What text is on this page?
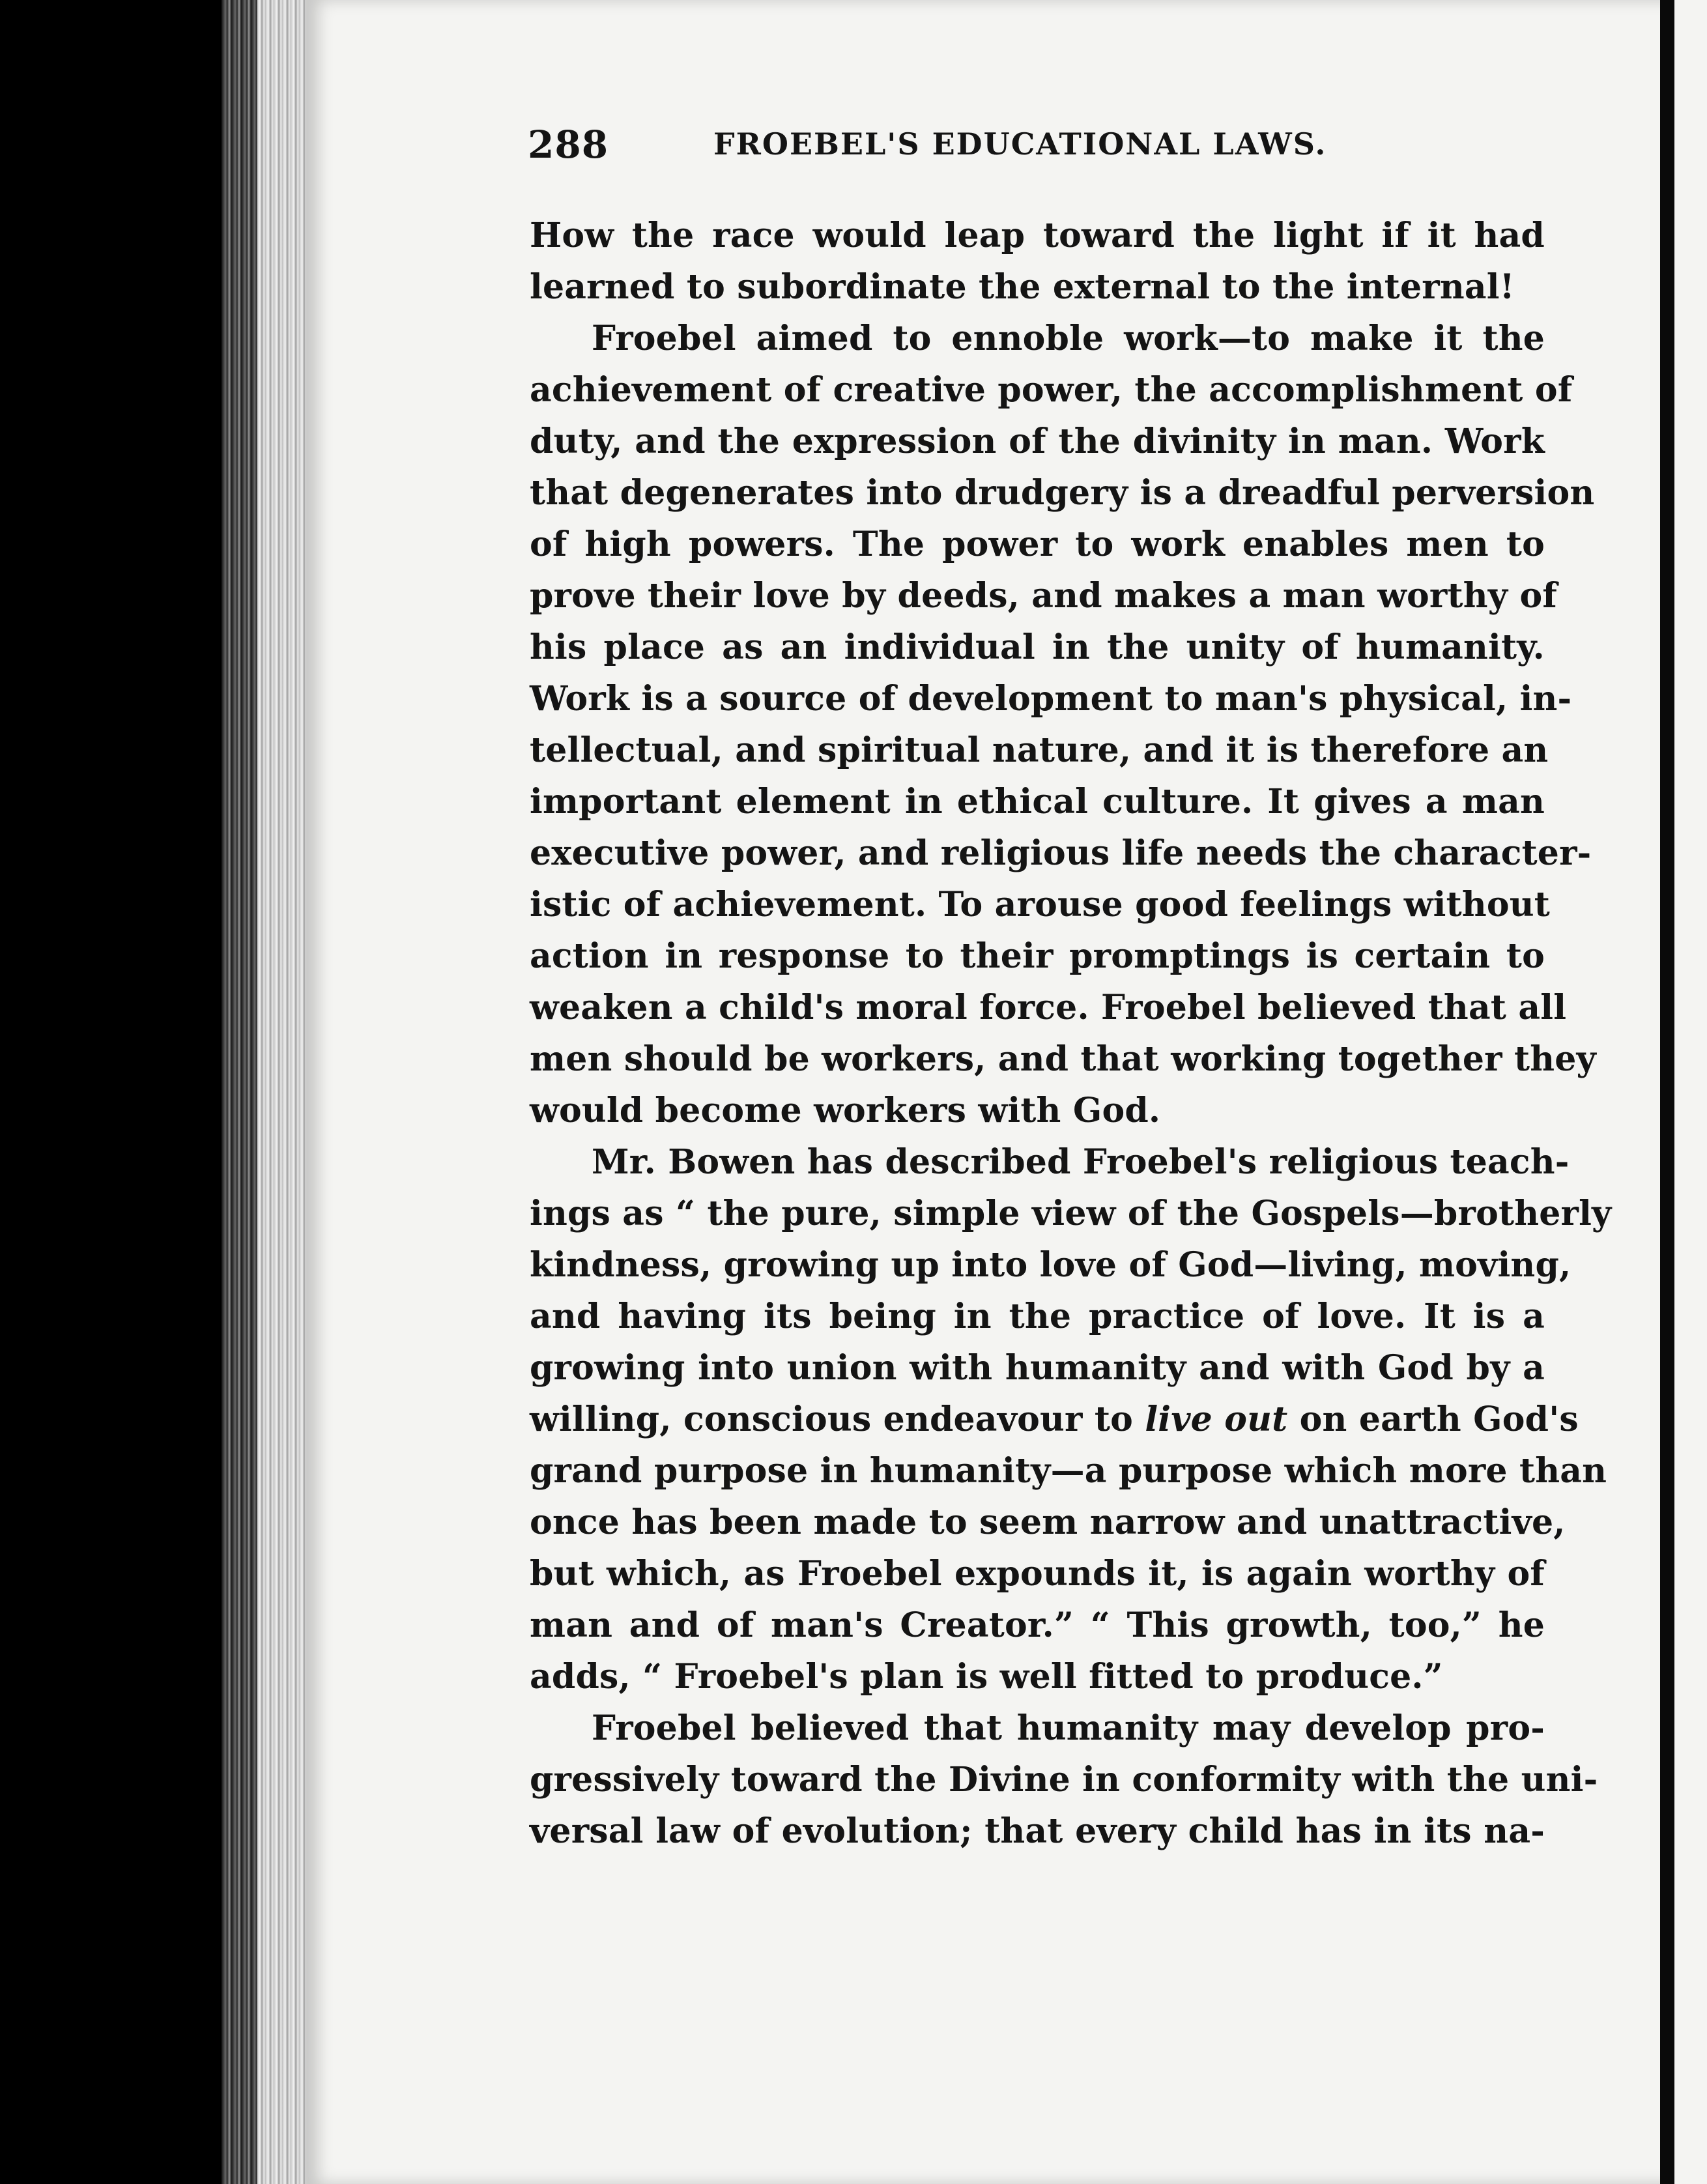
288	FROEBEL'S EDUCATIONAL LAWS.
How the race would leap toward the light if it had
learned to subordinate the external to the internal!
Froebel aimed to ennoble work—to make it the
achievement of creative power, the accomplishment of
duty, and the expression of the divinity in man. Work
that degenerates into drudgery is a dreadful perversion
of high powers. The power to work enables men to
prove their love by deeds, and makes a man worthy of
his place as an individual in the unity of humanity.
Work is a source of development to man's physical, in-
tellectual, and spiritual nature, and it is therefore an
important element in ethical culture. It gives a man
executive power, and religious life needs the character-
istic of achievement. To arouse good feelings without
action in response to their promptings is certain to
weaken a child's moral force. Froebel believed that all
men should be workers, and that working together they
would become workers with God.
Mr. Bowen has described Froebel's religious teach-
ings as “ the pure, simple view of the Gospels—brotherly
kindness, growing up into love of God—living, moving,
and having its being in the practice of love. It is a
growing into union with humanity and with God by a
willing, conscious endeavour to live out on earth God's
grand purpose in humanity—a purpose which more than
once has been made to seem narrow and unattractive,
but which, as Froebel expounds it, is again worthy of
man and of man's Creator.” “ This growth, too,” he
adds, “ Froebel's plan is well fitted to produce.”
Froebel believed that humanity may develop pro-
gressively toward the Divine in conformity with the uni-
versal law of evolution; that every child has in its na-
